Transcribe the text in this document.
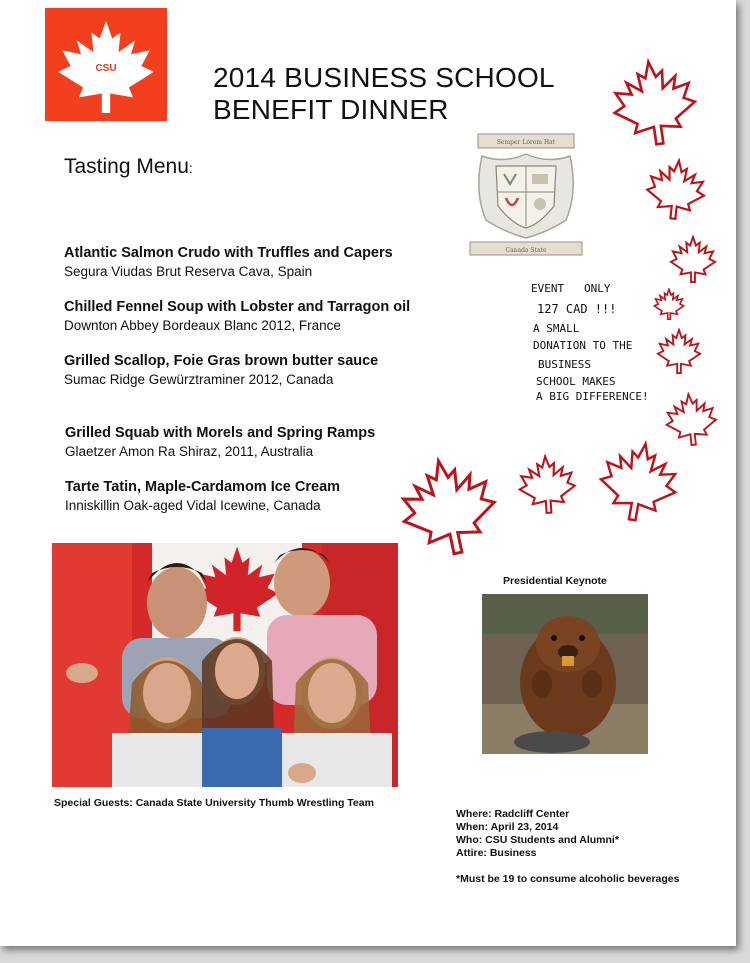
CSU	2014 BUSINESS SCHOOL
BENEFIT DINNER
Tasting Menu:
Semper Lorem Hat
Canada State
Atlantic Salmon Crudo with Truffles and Capers
Segura Viudas Brut Reserva Cava, Spain
Chilled Fennel Soup with Lobster and Tarragon oil
Downton Abbey Bordeaux Blanc 2012, France
Grilled Scallop, Foie Gras brown butter sauce
Sumac Ridge Gewürztraminer 2012, Canada
Grilled Squab with Morels and Spring Ramps
Glaetzer Amon Ra Shiraz, 2011, Australia
Tarte Tatin, Maple-Cardamom Ice Cream
Inniskillin Oak-aged Vidal Icewine, Canada
EVENT   ONLY
127 CAD !!!
A SMALL
DONATION TO THE
BUSINESS
SCHOOL MAKES
A BIG DIFFERENCE!
Special Guests: Canada State University Thumb Wrestling Team
Presidential Keynote
Where: Radcliff Center
When: April 23, 2014
Who: CSU Students and Alumni*
Attire: Business
*Must be 19 to consume alcoholic beverages
